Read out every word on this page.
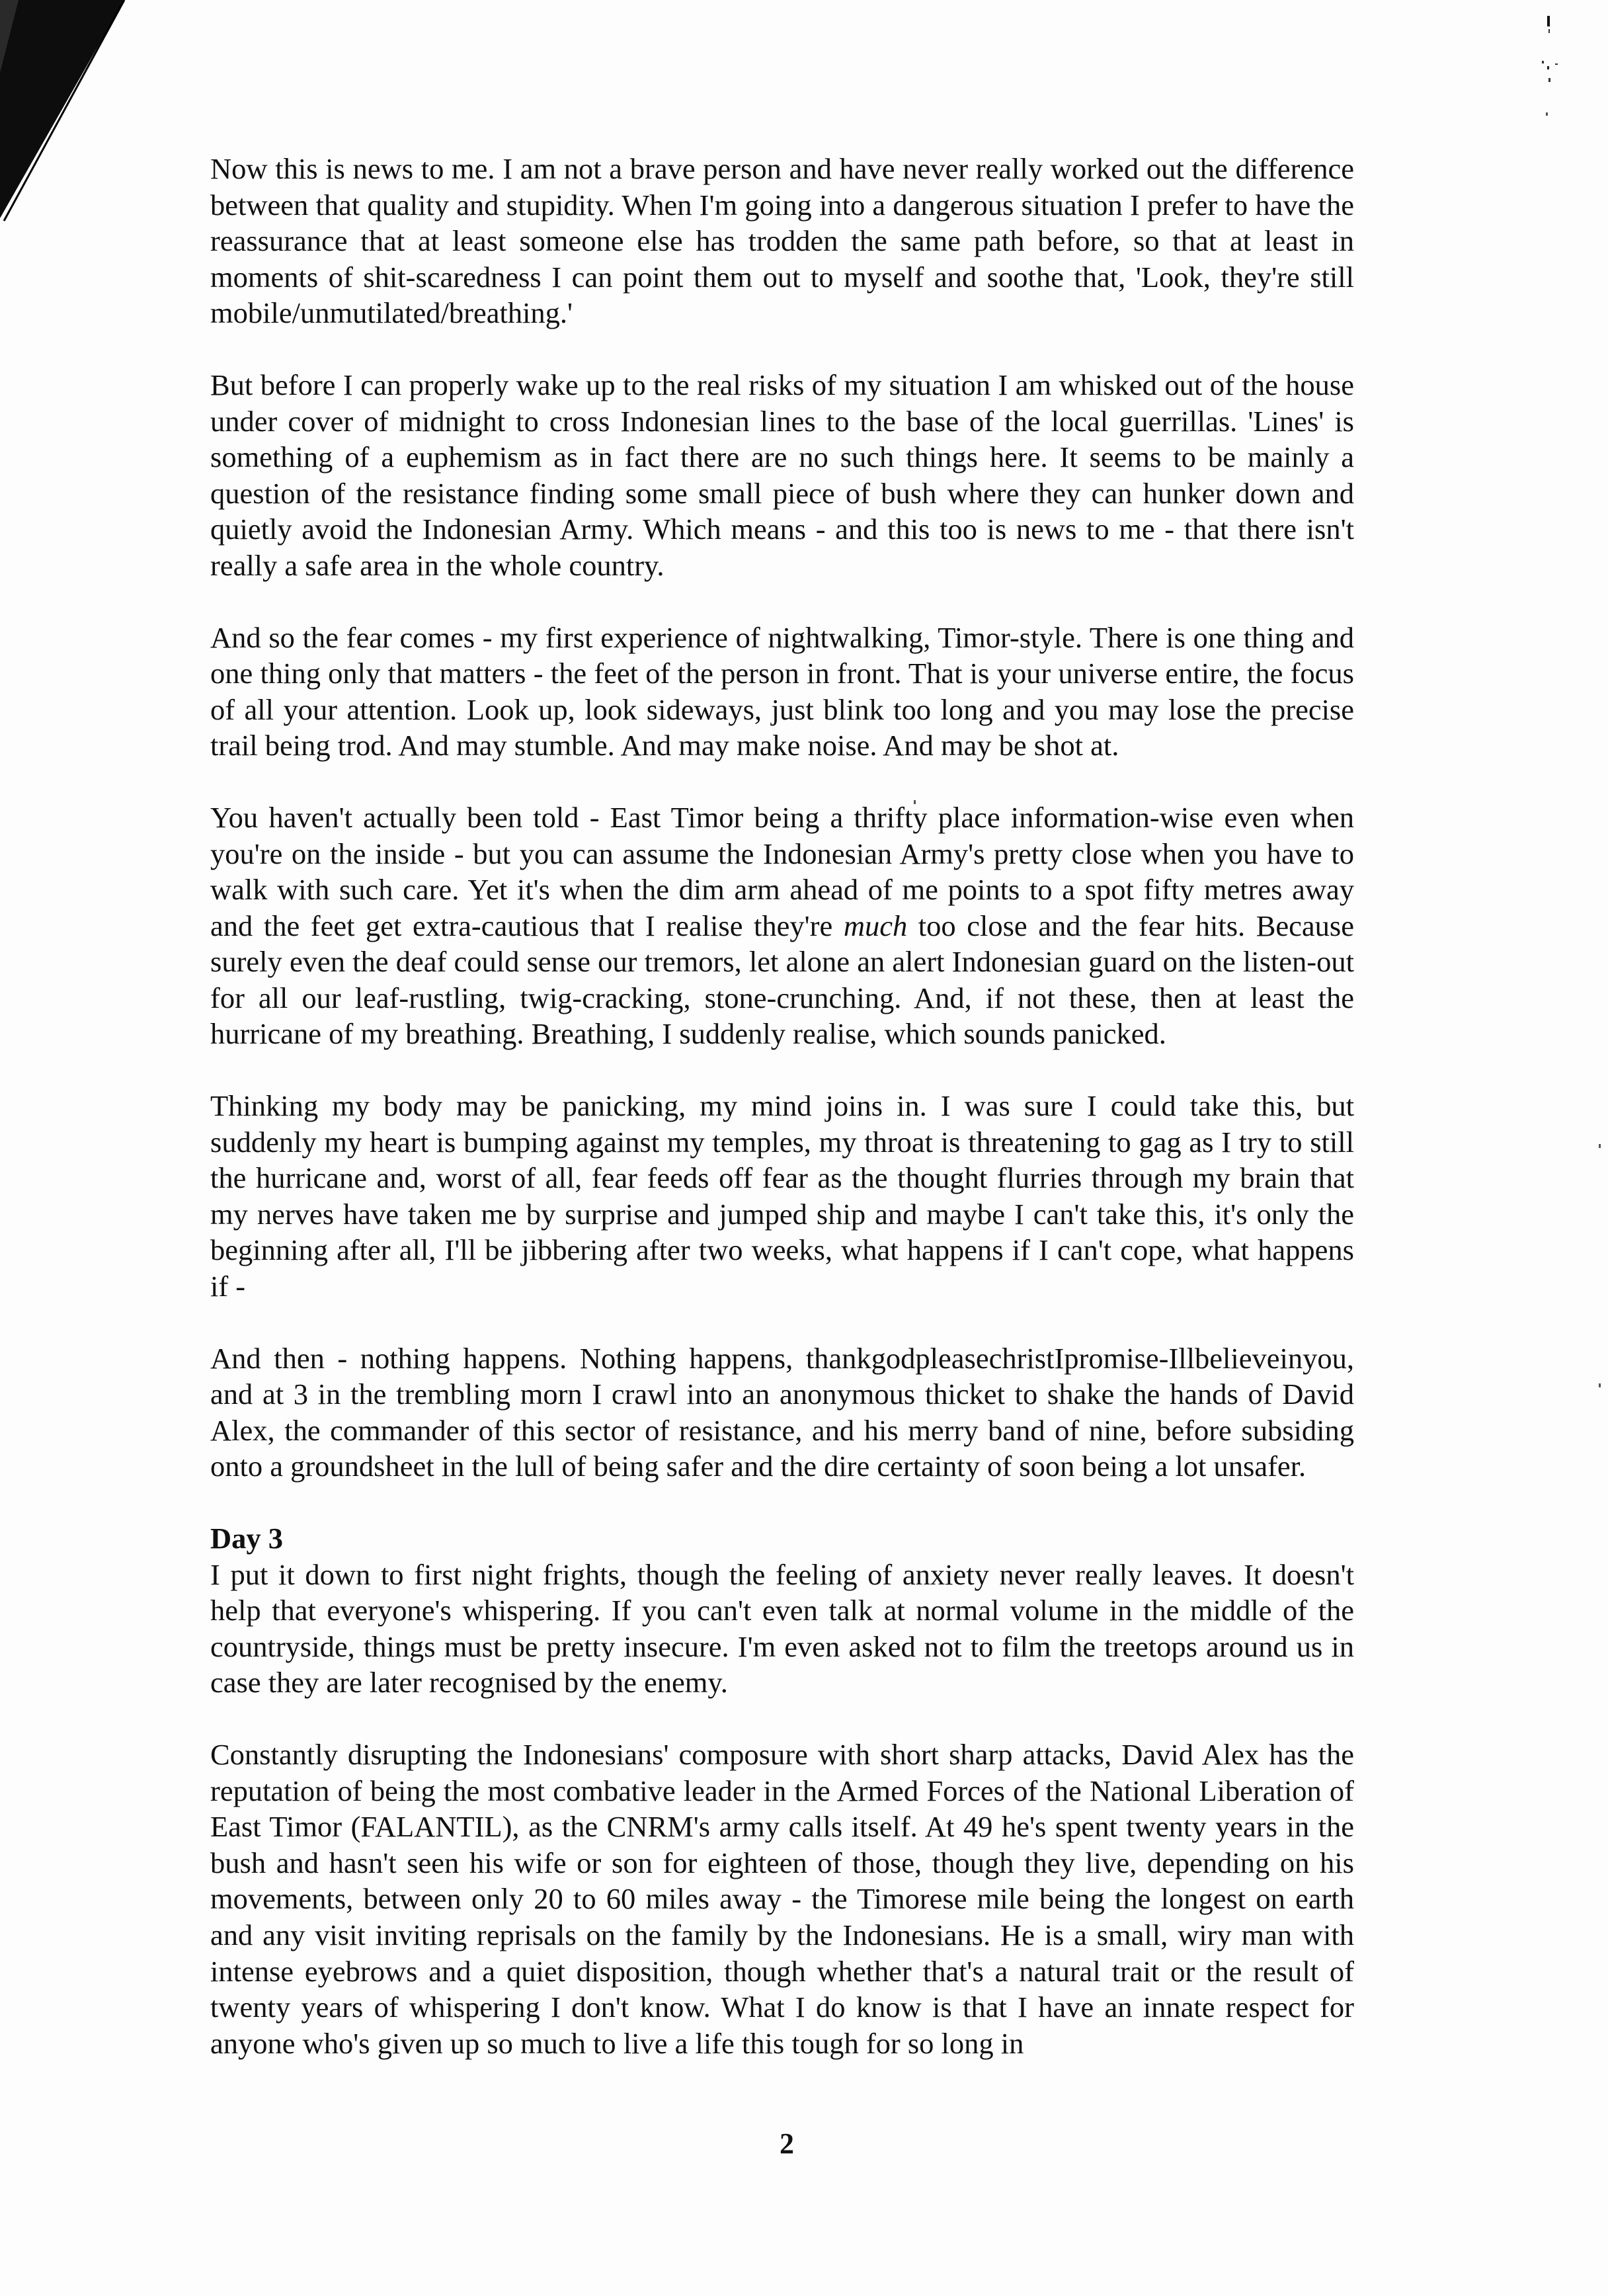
Now this is news to me. I am not a brave person and have never really worked out the difference between that quality and stupidity. When I'm going into a dangerous situation I prefer to have the reassurance that at least someone else has trodden the same path before, so that at least in moments of shit-scaredness I can point them out to myself and soothe that, 'Look, they're still mobile/unmutilated/breathing.'

But before I can properly wake up to the real risks of my situation I am whisked out of the house under cover of midnight to cross Indonesian lines to the base of the local guerrillas. 'Lines' is something of a euphemism as in fact there are no such things here. It seems to be mainly a question of the resistance finding some small piece of bush where they can hunker down and quietly avoid the Indonesian Army. Which means - and this too is news to me - that there isn't really a safe area in the whole country.

And so the fear comes - my first experience of nightwalking, Timor-style. There is one thing and one thing only that matters - the feet of the person in front. That is your universe entire, the focus of all your attention. Look up, look sideways, just blink too long and you may lose the precise trail being trod. And may stumble. And may make noise. And may be shot at.

You haven't actually been told - East Timor being a thrifty place information-wise even when you're on the inside - but you can assume the Indonesian Army's pretty close when you have to walk with such care. Yet it's when the dim arm ahead of me points to a spot fifty metres away and the feet get extra-cautious that I realise they're much too close and the fear hits. Because surely even the deaf could sense our tremors, let alone an alert Indonesian guard on the listen-out for all our leaf-rustling, twig-cracking, stone-crunching. And, if not these, then at least the hurricane of my breathing. Breathing, I suddenly realise, which sounds panicked.

Thinking my body may be panicking, my mind joins in. I was sure I could take this, but suddenly my heart is bumping against my temples, my throat is threatening to gag as I try to still the hurricane and, worst of all, fear feeds off fear as the thought flurries through my brain that my nerves have taken me by surprise and jumped ship and maybe I can't take this, it's only the beginning after all, I'll be jibbering after two weeks, what happens if I can't cope, what happens if -

And then - nothing happens. Nothing happens, thankgodpleasechristIpromise-Illbelieveinyou, and at 3 in the trembling morn I crawl into an anonymous thicket to shake the hands of David Alex, the commander of this sector of resistance, and his merry band of nine, before subsiding onto a groundsheet in the lull of being safer and the dire certainty of soon being a lot unsafer.

Day 3

I put it down to first night frights, though the feeling of anxiety never really leaves. It doesn't help that everyone's whispering. If you can't even talk at normal volume in the middle of the countryside, things must be pretty insecure. I'm even asked not to film the treetops around us in case they are later recognised by the enemy.

Constantly disrupting the Indonesians' composure with short sharp attacks, David Alex has the reputation of being the most combative leader in the Armed Forces of the National Liberation of East Timor (FALANTIL), as the CNRM's army calls itself. At 49 he's spent twenty years in the bush and hasn't seen his wife or son for eighteen of those, though they live, depending on his movements, between only 20 to 60 miles away - the Timorese mile being the longest on earth and any visit inviting reprisals on the family by the Indonesians. He is a small, wiry man with intense eyebrows and a quiet disposition, though whether that's a natural trait or the result of twenty years of whispering I don't know. What I do know is that I have an innate respect for anyone who's given up so much to live a life this tough for so long in

2
